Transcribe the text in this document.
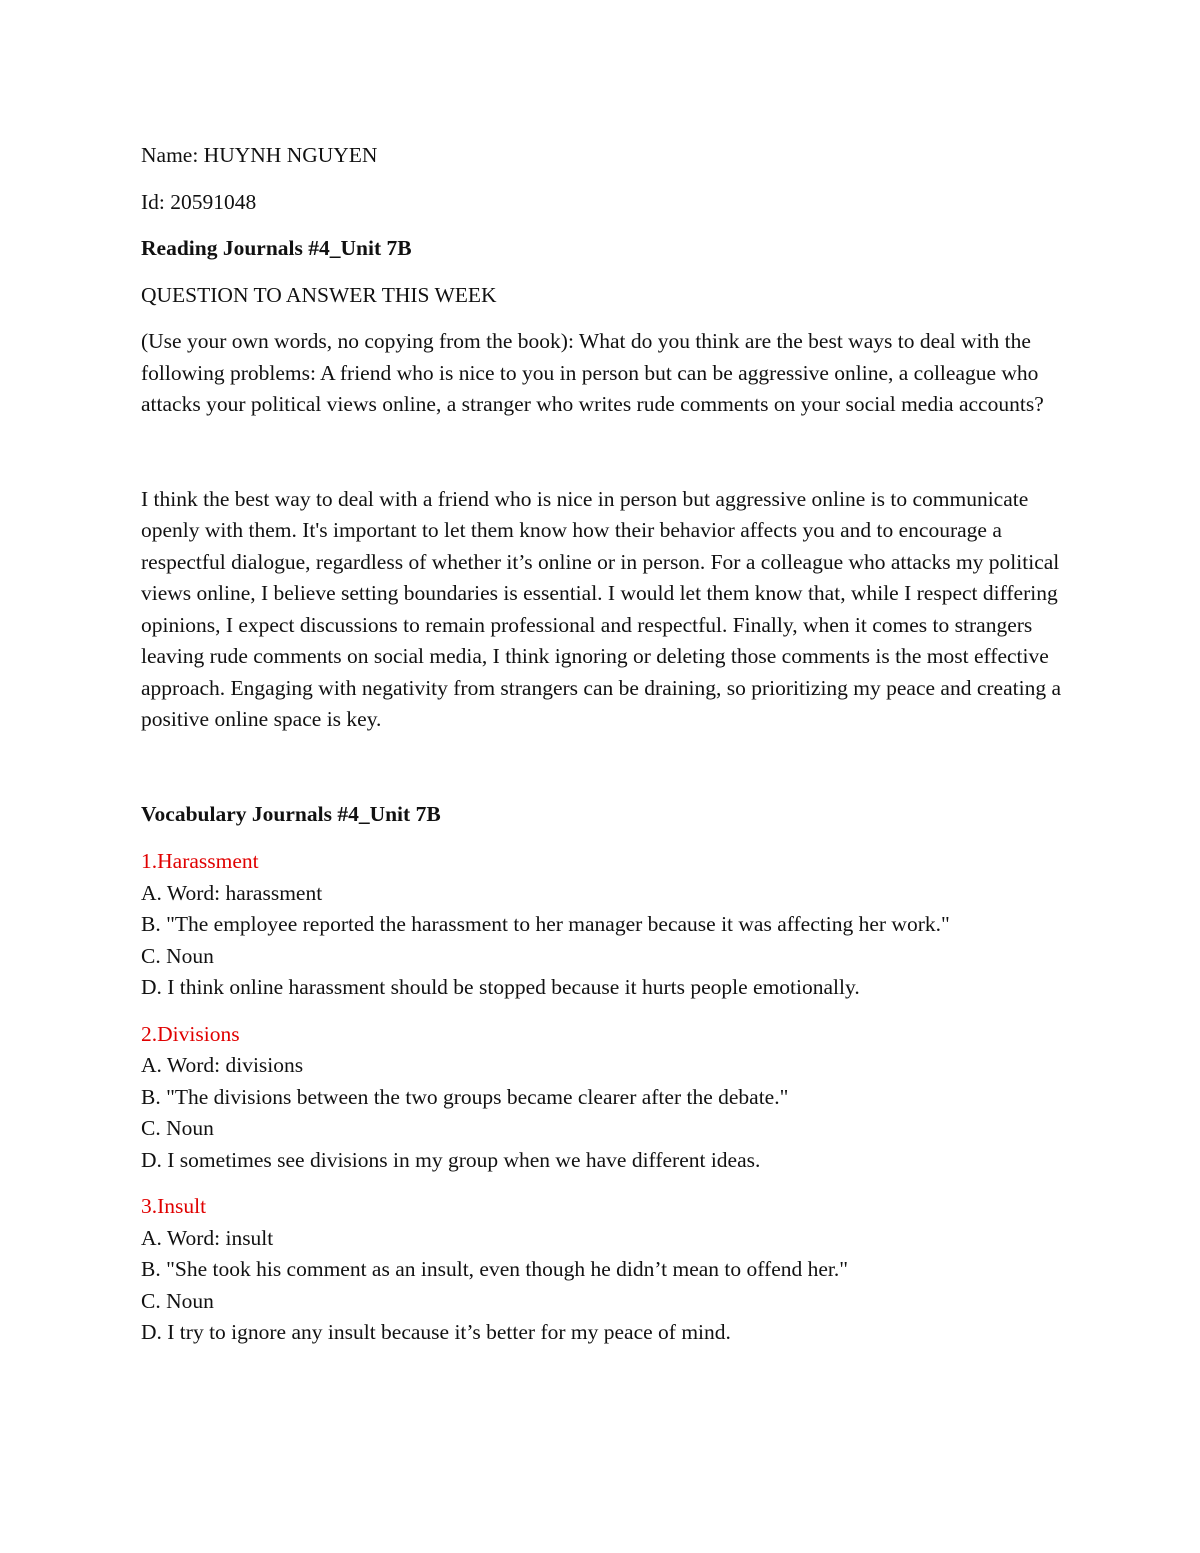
Name: HUYNH NGUYEN

Id: 20591048

Reading Journals #4_Unit 7B

QUESTION TO ANSWER THIS WEEK

(Use your own words, no copying from the book): What do you think are the best ways to deal with the following problems: A friend who is nice to you in person but can be aggressive online, a colleague who attacks your political views online, a stranger who writes rude comments on your social media accounts?

I think the best way to deal with a friend who is nice in person but aggressive online is to communicate openly with them. It's important to let them know how their behavior affects you and to encourage a respectful dialogue, regardless of whether it’s online or in person. For a colleague who attacks my political views online, I believe setting boundaries is essential. I would let them know that, while I respect differing opinions, I expect discussions to remain professional and respectful. Finally, when it comes to strangers leaving rude comments on social media, I think ignoring or deleting those comments is the most effective approach. Engaging with negativity from strangers can be draining, so prioritizing my peace and creating a positive online space is key.

Vocabulary Journals #4_Unit 7B

1.Harassment

A. Word: harassment

B. "The employee reported the harassment to her manager because it was affecting her work."

C. Noun

D. I think online harassment should be stopped because it hurts people emotionally.

2.Divisions

A. Word: divisions

B. "The divisions between the two groups became clearer after the debate."

C. Noun

D. I sometimes see divisions in my group when we have different ideas.

3.Insult

A. Word: insult

B. "She took his comment as an insult, even though he didn’t mean to offend her."

C. Noun

D. I try to ignore any insult because it’s better for my peace of mind.
